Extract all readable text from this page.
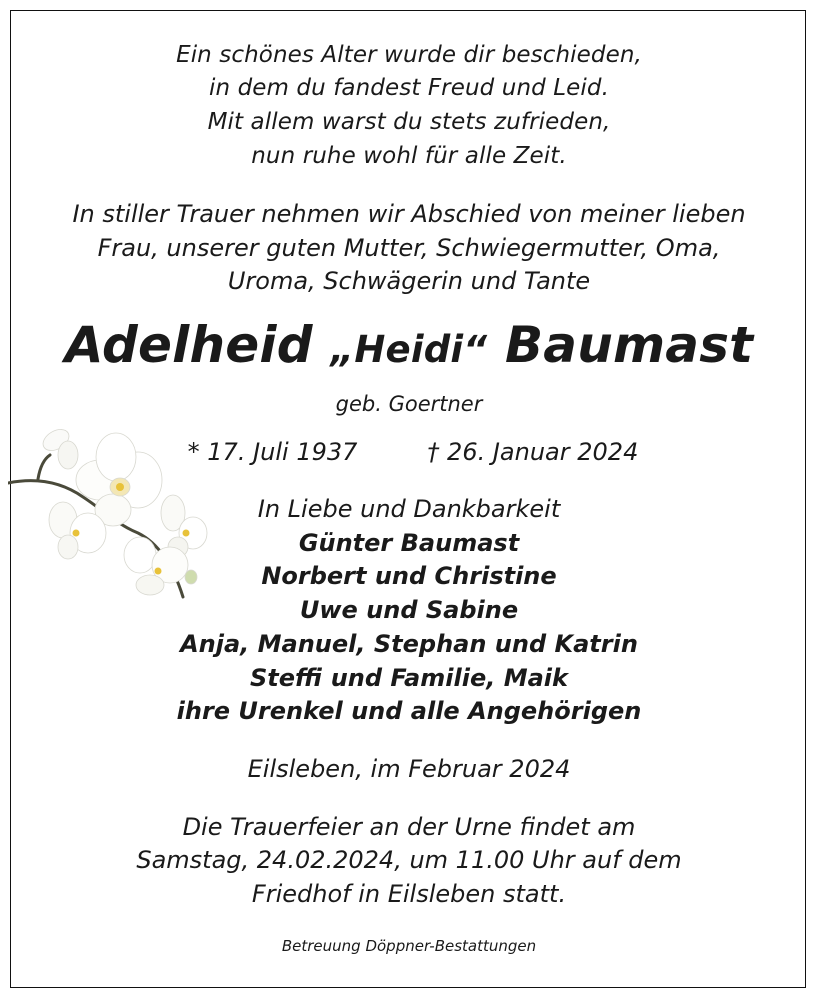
Ein schönes Alter wurde dir beschieden,
in dem du fandest Freud und Leid.
Mit allem warst du stets zufrieden,
nun ruhe wohl für alle Zeit.
In stiller Trauer nehmen wir Abschied von meiner lieben
Frau, unserer guten Mutter, Schwiegermutter, Oma,
Uroma, Schwägerin und Tante
Adelheid „Heidi“ Baumast
geb. Goertner
* 17. Juli 1937	† 26. Januar 2024
In Liebe und Dankbarkeit
Günter Baumast
Norbert und Christine
Uwe und Sabine
Anja, Manuel, Stephan und Katrin
Steffi und Familie, Maik
ihre Urenkel und alle Angehörigen
Eilsleben, im Februar 2024
Die Trauerfeier an der Urne findet am
Samstag, 24.02.2024, um 11.00 Uhr auf dem
Friedhof in Eilsleben statt.
Betreuung Döppner-Bestattungen
